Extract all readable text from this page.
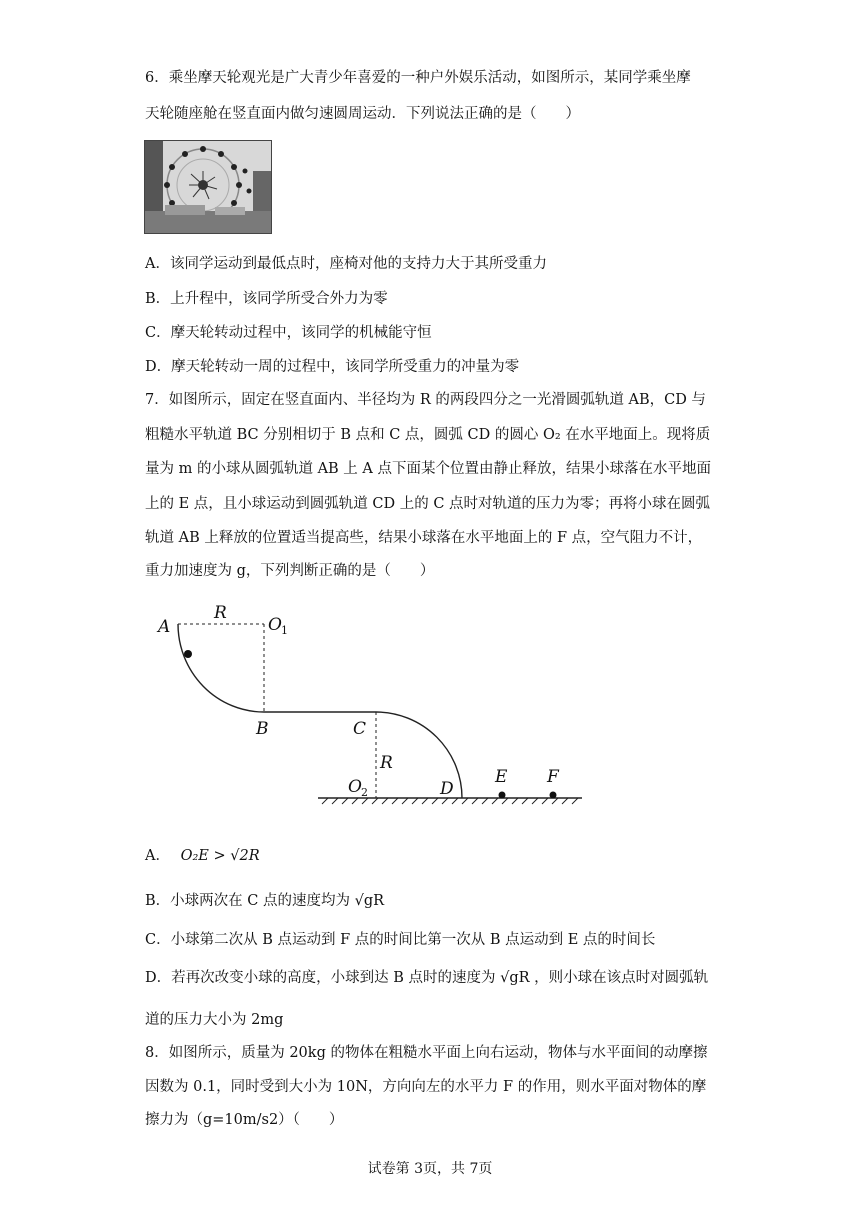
6．乘坐摩天轮观光是广大青少年喜爱的一种户外娱乐活动，如图所示，某同学乘坐摩
天轮随座舱在竖直面内做匀速圆周运动．下列说法正确的是（　　）
A．该同学运动到最低点时，座椅对他的支持力大于其所受重力
B．上升程中，该同学所受合外力为零
C．摩天轮转动过程中，该同学的机械能守恒
D．摩天轮转动一周的过程中，该同学所受重力的冲量为零
7．如图所示，固定在竖直面内、半径均为 R 的两段四分之一光滑圆弧轨道 AB，CD 与
粗糙水平轨道 BC 分别相切于 B 点和 C 点，圆弧 CD 的圆心 O₂ 在水平地面上。现将质
量为 m 的小球从圆弧轨道 AB 上 A 点下面某个位置由静止释放，结果小球落在水平地面
上的 E 点，且小球运动到圆弧轨道 CD 上的 C 点时对轨道的压力为零；再将小球在圆弧
轨道 AB 上释放的位置适当提高些，结果小球落在水平地面上的 F 点，空气阻力不计，
重力加速度为 g，下列判断正确的是（　　）
A
R
O 1
B	C
R
O 2	D
E F
A． O₂E > √2R
B．小球两次在 C 点的速度均为 √gR
C．小球第二次从 B 点运动到 F 点的时间比第一次从 B 点运动到 E 点的时间长
D．若再次改变小球的高度，小球到达 B 点时的速度为 √gR ，则小球在该点时对圆弧轨
道的压力大小为 2mg
8．如图所示，质量为 20kg 的物体在粗糙水平面上向右运动，物体与水平面间的动摩擦
因数为 0.1，同时受到大小为 10N，方向向左的水平力 F 的作用，则水平面对物体的摩
擦力为（g=10m/s2）（　　）
试卷第 3页，共 7页
